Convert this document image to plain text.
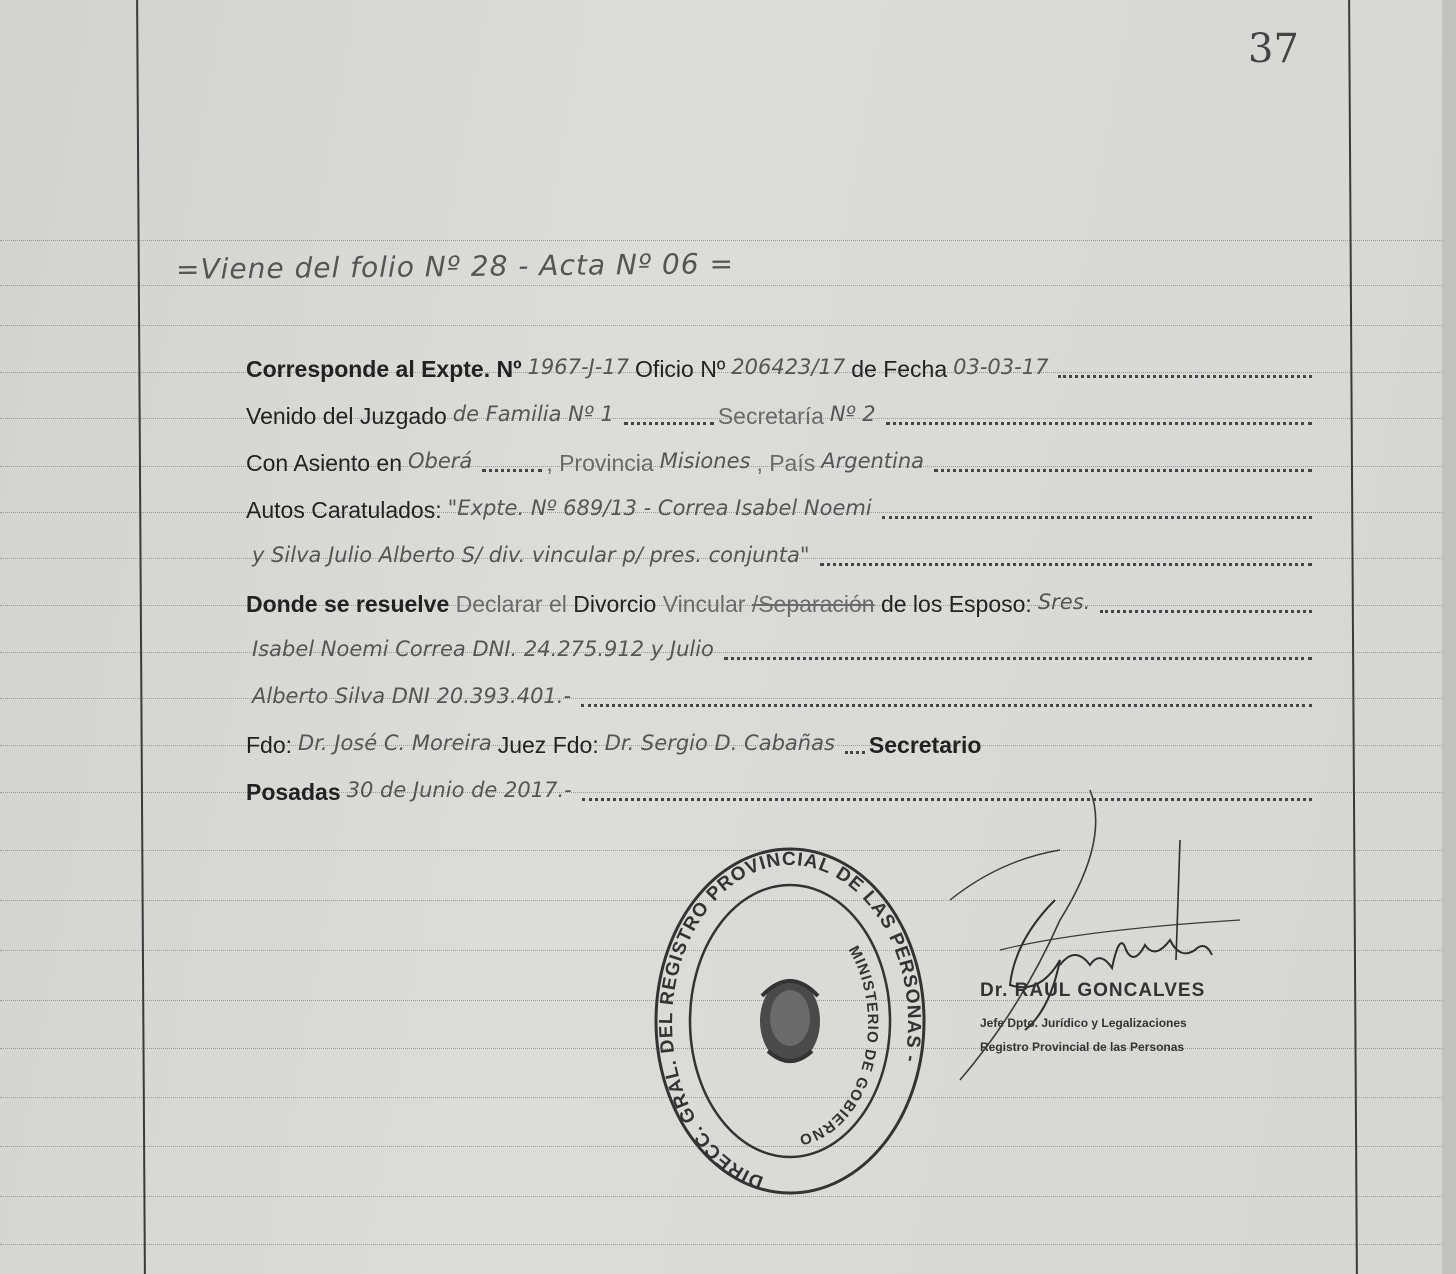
37
=Viene del folio Nº 28 - Acta Nº 06 =
Corresponde al Expte. Nº 1967-J-17 Oficio Nº 206423/17 de Fecha 03-03-17
Venido del Juzgado de Familia Nº 1	Secretaría Nº 2
Con Asiento en Oberá	, Provincia Misiones , País Argentina
Autos Caratulados: "Expte. Nº 689/13 - Correa Isabel Noemi
y Silva Julio Alberto S/ div. vincular p/ pres. conjunta"
Donde se resuelve
Declarar el
Divorcio
Vincular
/Separación
de los Esposo: Sres.
Isabel Noemi Correa DNI. 24.275.912 y Julio
Alberto Silva DNI 20.393.401.-
Fdo: Dr. José C. Moreira Juez Fdo: Dr. Sergio D. Cabañas Secretario
Posadas 30 de Junio de 2017.-
DIRECC. GRAL. DEL REGISTRO PROVINCIAL DE LAS PERSONAS -
MINISTERIO DE GOBIERNO
Dr. RAUL GONCALVES
Jefe Dpto. Jurídico y Legalizaciones
Registro Provincial de las Personas
